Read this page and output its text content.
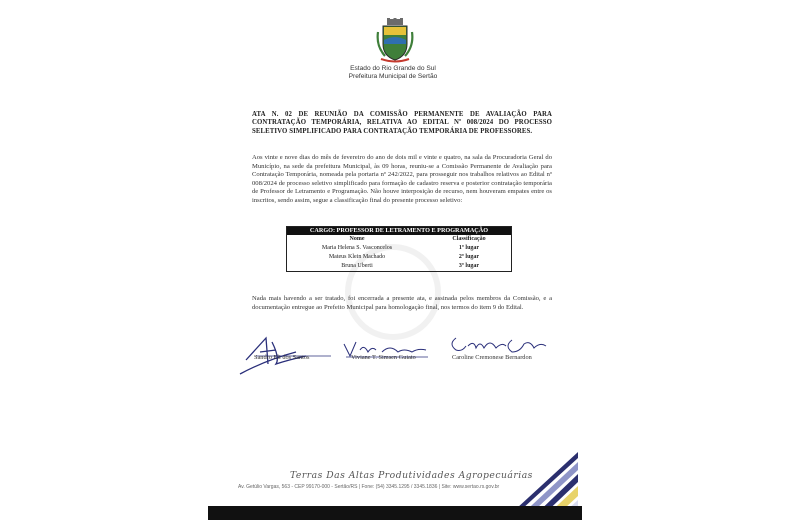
Estado do Rio Grande do Sul
Prefeitura Municipal de Sertão
ATA N. 02 DE REUNIÃO DA COMISSÃO PERMANENTE DE AVALIAÇÃO PARA CONTRATAÇÃO TEMPORÁRIA, RELATIVA AO EDITAL Nº 008/2024 DO PROCESSO SELETIVO SIMPLIFICADO PARA CONTRATAÇÃO TEMPORÁRIA DE PROFESSORES.
Aos vinte e nove dias do mês de fevereiro do ano de dois mil e vinte e quatro, na sala da Procuradoria Geral do Município, na sede da prefeitura Municipal, às 09 horas, reuniu-se a Comissão Permanente de Avaliação para Contratação Temporária, nomeada pela portaria nº 242/2022, para prosseguir nos trabalhos relativos ao Edital nº 008/2024 de processo seletivo simplificado para formação de cadastro reserva e posterior contratação temporária de Professor de Letramento e Programação. Não houve interposição de recurso, nem houveram empates entre os inscritos, sendo assim, segue a classificação final do presente processo seletivo:
CARGO: PROFESSOR DE LETRAMENTO E PROGRAMAÇÃO
Nome	Classificação
Maria Helena S. Vasconcelos	1º lugar
Mateus Klein Machado	2º lugar
Bruna Uberti	3º lugar
Nada mais havendo a ser tratado, foi encerrada a presente ata, e assinada pelos membros da Comissão, e a documentação entregue ao Prefeito Municipal para homologação final, nos termos do item 9 do Edital.
Sandro Eli dos Santos	Viviane T. Simsen Guiato	Caroline Cremonese Bernardon
Terras Das Altas Produtividades Agropecuárias
Av. Getúlio Vargas, 563 - CEP 99170-000 - Sertão/RS | Fone: (54) 3345.1295 / 3345.1836 | Site: www.sertao.rs.gov.br
